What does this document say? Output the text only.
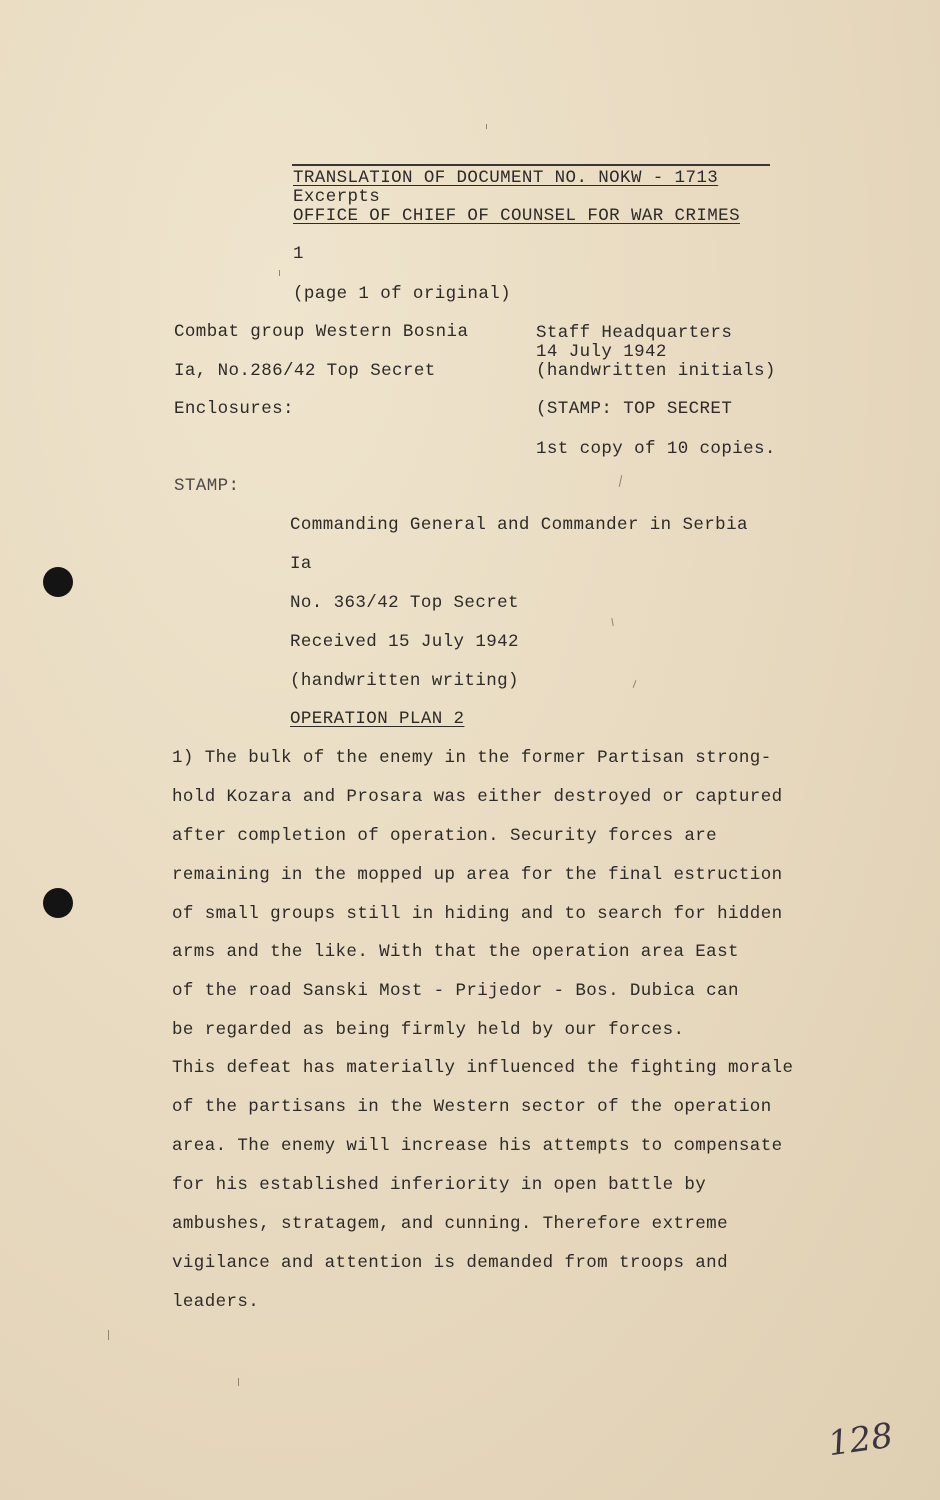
TRANSLATION OF DOCUMENT NO. NOKW - 1713
Excerpts
OFFICE OF CHIEF OF COUNSEL FOR WAR CRIMES
1
(page 1 of original)
Combat group Western Bosnia
Ia, No.286/42 Top Secret
Enclosures:
Staff Headquarters
14 July 1942
(handwritten initials)
(STAMP: TOP SECRET
1st copy of 10 copies.
STAMP:
Commanding General and Commander in Serbia
Ia
No. 363/42 Top Secret
Received 15 July 1942
(handwritten writing)
OPERATION PLAN 2
1) The bulk of the enemy in the former Partisan strong-
hold Kozara and Prosara was either destroyed or captured
after completion of operation. Security forces are
remaining in the mopped up area for the final estruction
of small groups still in hiding and to search for hidden
arms and the like. With that the operation area East
of the road Sanski Most - Prijedor - Bos. Dubica can
be regarded as being firmly held by our forces.
This defeat has materially influenced the fighting morale
of the partisans in the Western sector of the operation
area. The enemy will increase his attempts to compensate
for his established inferiority in open battle by
ambushes, stratagem, and cunning. Therefore extreme
vigilance and attention is demanded from troops and
leaders.
128
